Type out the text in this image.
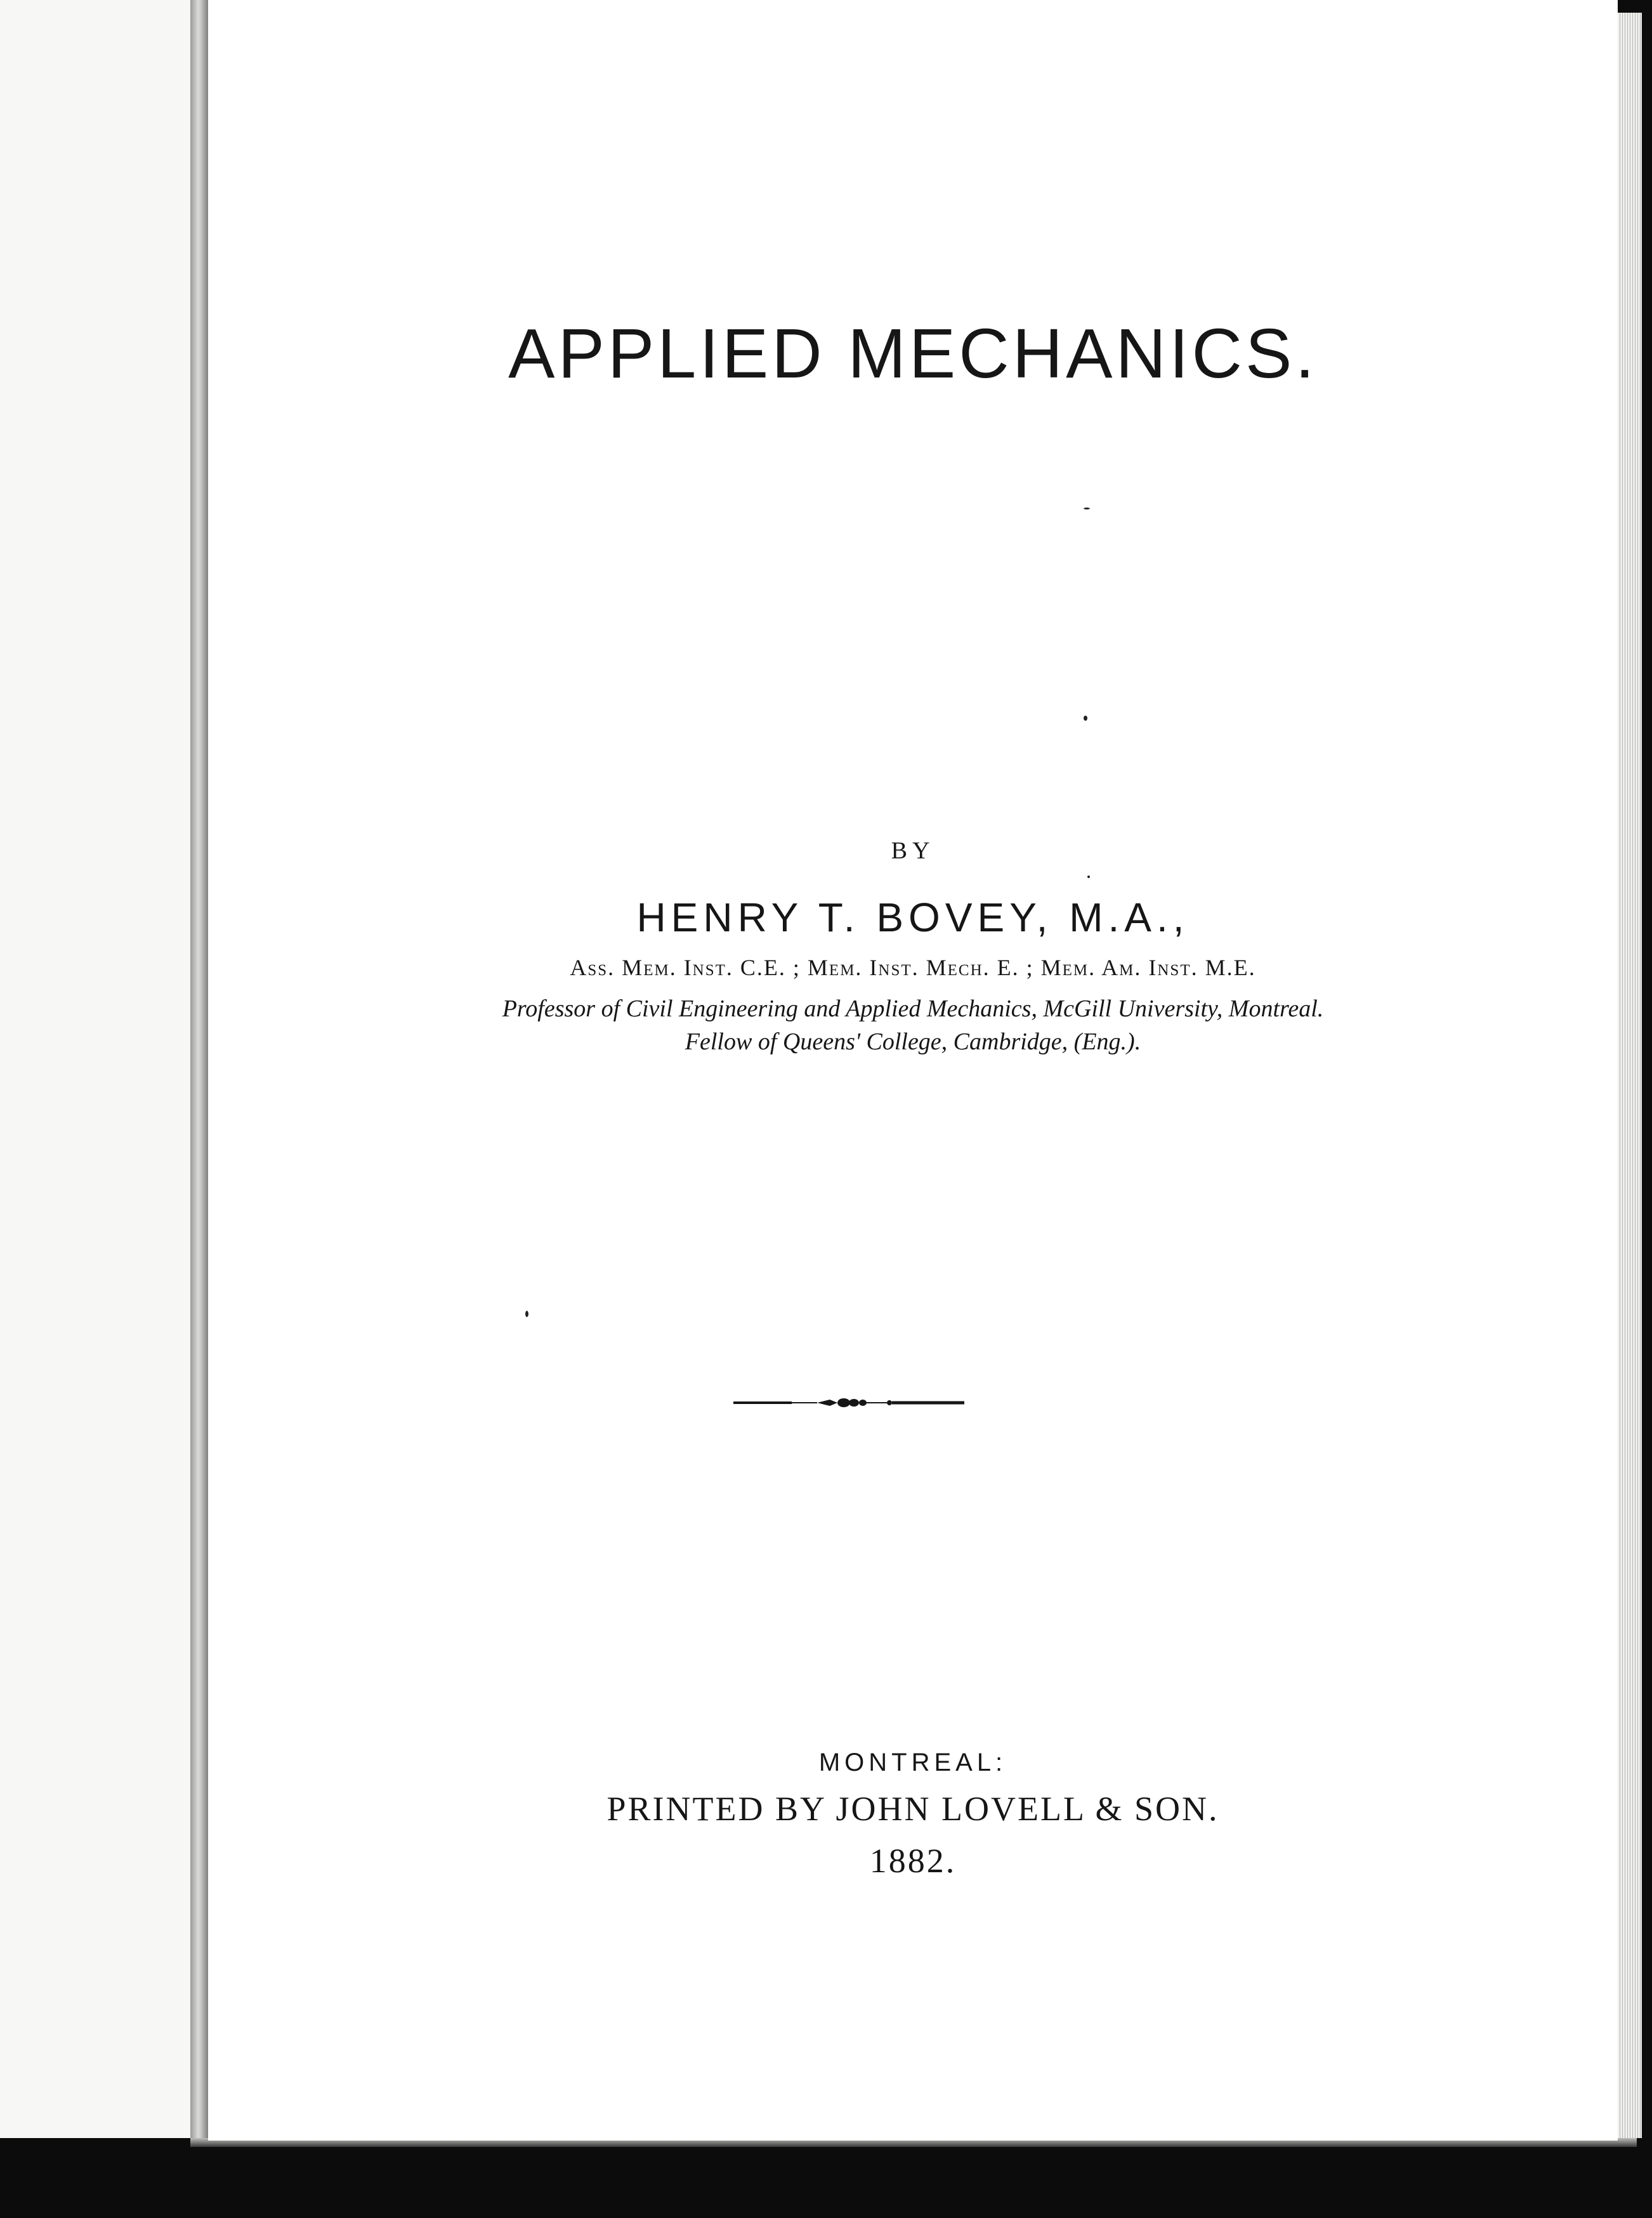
APPLIED MECHANICS.
BY
HENRY T. BOVEY, M.A.,
Ass. Mem. Inst. C.E. ; Mem. Inst. Mech. E. ; Mem. Am. Inst. M.E.
Professor of Civil Engineering and Applied Mechanics, McGill University, Montreal.
Fellow of Queens' College, Cambridge, (Eng.).
MONTREAL:
PRINTED BY JOHN LOVELL & SON.
1882.
